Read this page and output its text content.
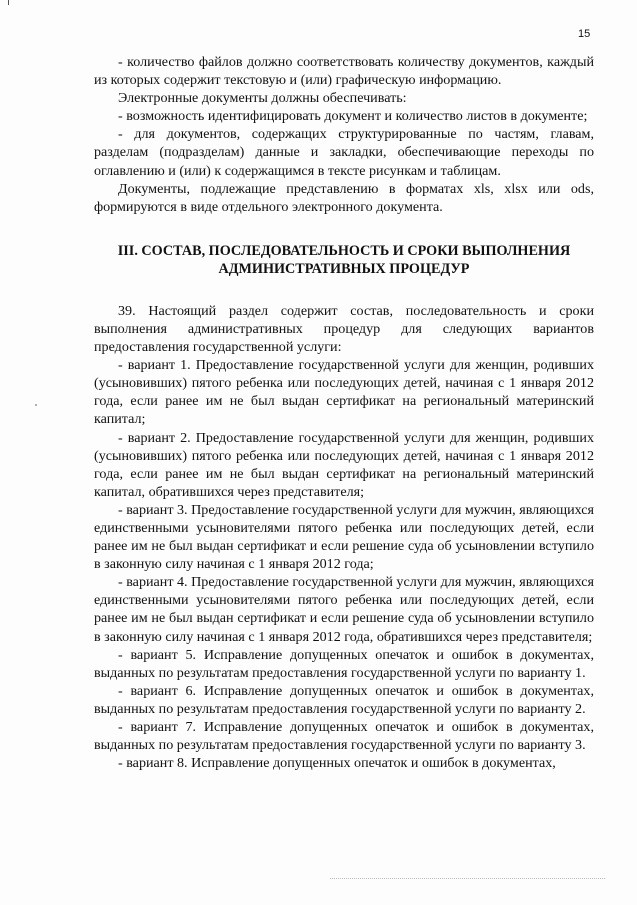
15

- количество файлов должно соответствовать количеству документов, каждый из которых содержит текстовую и (или) графическую информацию.

Электронные документы должны обеспечивать:

- возможность идентифицировать документ и количество листов в документе;

- для документов, содержащих структурированные по частям, главам, разделам (подразделам) данные и закладки, обеспечивающие переходы по оглавлению и (или) к содержащимся в тексте рисункам и таблицам.

Документы, подлежащие представлению в форматах xls, xlsx или ods, формируются в виде отдельного электронного документа.

III. СОСТАВ, ПОСЛЕДОВАТЕЛЬНОСТЬ И СРОКИ ВЫПОЛНЕНИЯ
АДМИНИСТРАТИВНЫХ ПРОЦЕДУР

39. Настоящий раздел содержит состав, последовательность и сроки выполнения административных процедур для следующих вариантов предоставления государственной услуги:

- вариант 1. Предоставление государственной услуги для женщин, родивших (усыновивших) пятого ребенка или последующих детей, начиная с 1 января 2012 года, если ранее им не был выдан сертификат на региональный материнский капитал;

- вариант 2. Предоставление государственной услуги для женщин, родивших (усыновивших) пятого ребенка или последующих детей, начиная с 1 января 2012 года, если ранее им не был выдан сертификат на региональный материнский капитал, обратившихся через представителя;

- вариант 3. Предоставление государственной услуги для мужчин, являющихся единственными усыновителями пятого ребенка или последующих детей, если ранее им не был выдан сертификат и если решение суда об усыновлении вступило в законную силу начиная с 1 января 2012 года;

- вариант 4. Предоставление государственной услуги для мужчин, являющихся единственными усыновителями пятого ребенка или последующих детей, если ранее им не был выдан сертификат и если решение суда об усыновлении вступило в законную силу начиная с 1 января 2012 года, обратившихся через представителя;

- вариант 5. Исправление допущенных опечаток и ошибок в документах, выданных по результатам предоставления государственной услуги по варианту 1.

- вариант 6. Исправление допущенных опечаток и ошибок в документах, выданных по результатам предоставления государственной услуги по варианту 2.

- вариант 7. Исправление допущенных опечаток и ошибок в документах, выданных по результатам предоставления государственной услуги по варианту 3.

- вариант 8. Исправление допущенных опечаток и ошибок в документах,
